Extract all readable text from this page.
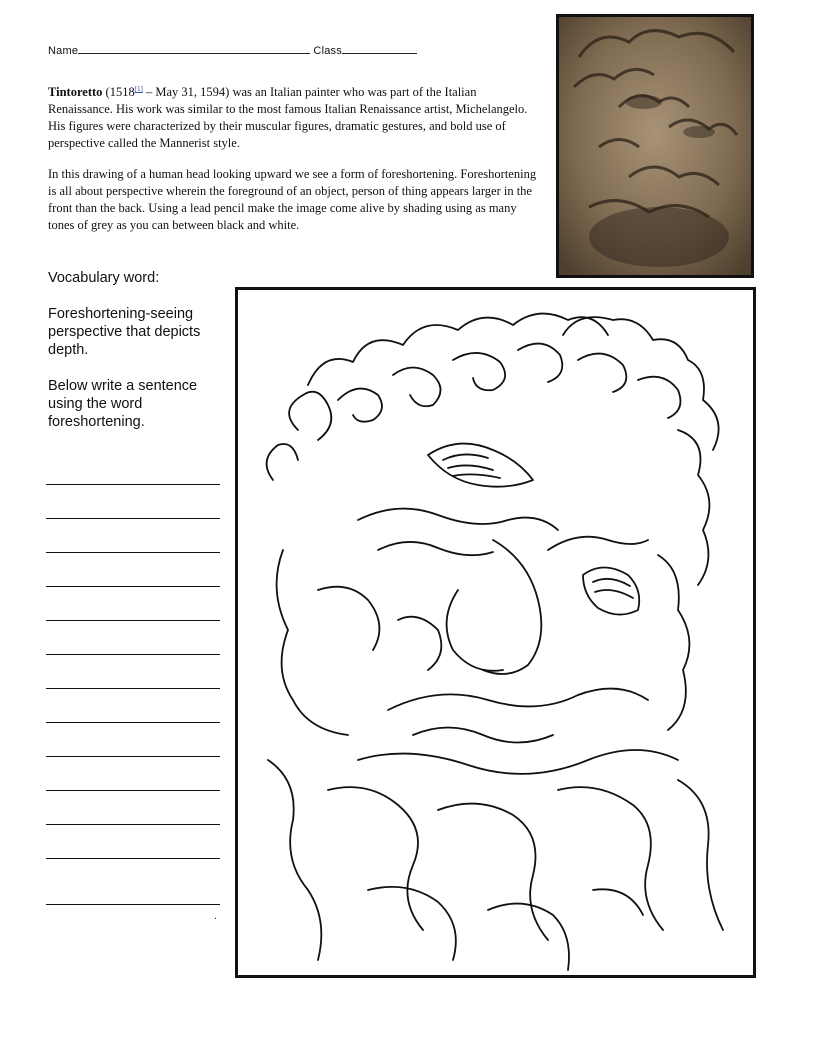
Name	Class

Tintoretto (1518[1] – May 31, 1594) was an Italian painter who was part of the Italian Renaissance. His work was similar to the most famous Italian Renaissance artist, Michelangelo. His figures were characterized by their muscular figures, dramatic gestures, and bold use of perspective called the Mannerist style.

In this drawing of a human head looking upward we see a form of foreshortening. Foreshortening is all about perspective wherein the foreground of an object, person of thing appears larger in the front than the back. Using a lead pencil make the image come alive by shading using as many tones of grey as you can between black and white.

Vocabulary word:

Foreshortening-seeing perspective that depicts depth.

Below write a sentence using the word foreshortening.

.
